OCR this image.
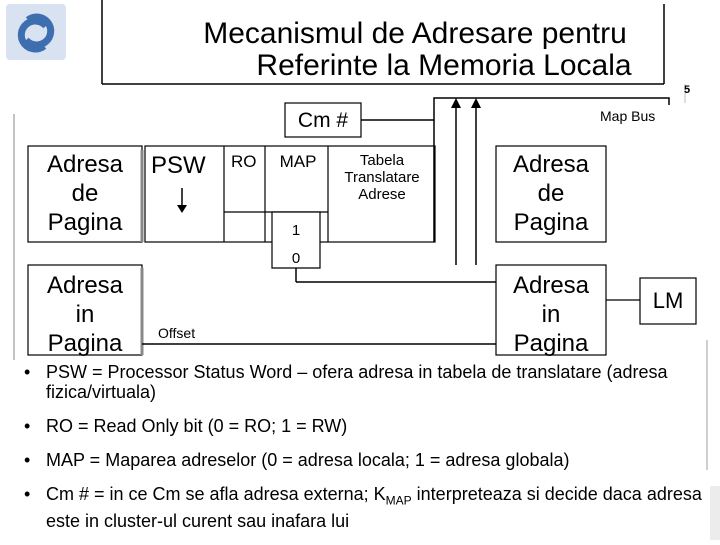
Mecanismul de Adresare pentru
Referinte la Memoria Locala
5
Adresa
de
Pagina
Adresa
in
Pagina
PSW RO	MAP	Tabela
Translatare
Adrese
Cm #	Map Bus
1
0
Offset
Adresa
de
Pagina
Adresa
in
Pagina
LM
• PSW = Processor Status Word – ofera adresa in tabela de translatare (adresa fizica/virtuala)
• RO = Read Only bit (0 = RO; 1 = RW)
• MAP = Maparea adreselor (0 = adresa locala; 1 = adresa globala)
• Cm # = in ce Cm se afla adresa externa; $K_{MAP}$ interpreteaza si decide daca adresa este in cluster-ul curent sau inafara lui
